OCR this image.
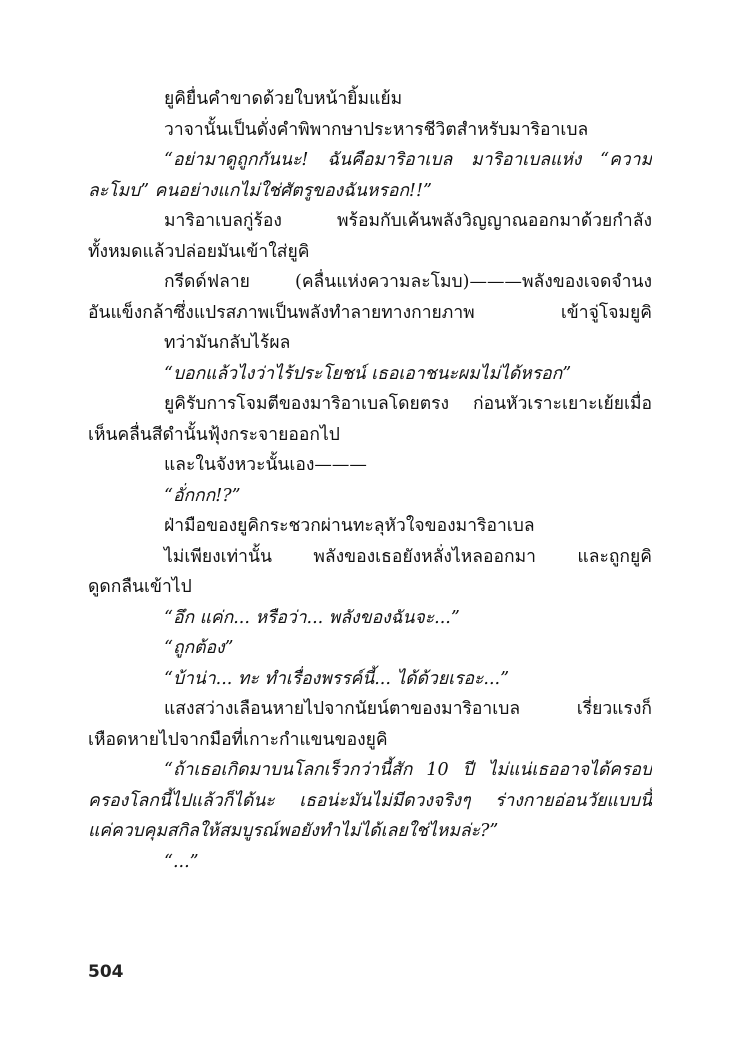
ยูคิยื่นคำขาดด้วยใบหน้ายิ้มแย้ม
วาจานั้นเป็นดั่งคำพิพากษาประหารชีวิตสำหรับมาริอาเบล
“อย่ามาดูถูกกันนะ! ฉันคือมาริอาเบล มาริอาเบลแห่ง “ความ
ละโมบ” คนอย่างแกไม่ใช่ศัตรูของฉันหรอก!!”
มาริอาเบลกู่ร้อง พร้อมกับเค้นพลังวิญญาณออกมาด้วยกำลัง
ทั้งหมดแล้วปล่อยมันเข้าใส่ยูคิ
กรีดด์ฟลาย (คลื่นแห่งความละโมบ)———พลังของเจดจำนง
อันแข็งกล้าซึ่งแปรสภาพเป็นพลังทำลายทางกายภาพ เข้าจู่โจมยูคิ
ทว่ามันกลับไร้ผล
“บอกแล้วไงว่าไร้ประโยชน์ เธอเอาชนะผมไม่ได้หรอก”
ยูคิรับการโจมตีของมาริอาเบลโดยตรง ก่อนหัวเราะเยาะเย้ยเมื่อ
เห็นคลื่นสีดำนั้นฟุ้งกระจายออกไป
และในจังหวะนั้นเอง———
“อั่กกก!?”
ฝ่ามือของยูคิกระชวกผ่านทะลุหัวใจของมาริอาเบล
ไม่เพียงเท่านั้น พลังของเธอยังหลั่งไหลออกมา และถูกยูคิ
ดูดกลืนเข้าไป
“อึก แค่ก... หรือว่า... พลังของฉันจะ...”
“ถูกต้อง”
“บ้าน่า... ทะ ทำเรื่องพรรค์นี้... ได้ด้วยเรอะ...”
แสงสว่างเลือนหายไปจากนัยน์ตาของมาริอาเบล เรี่ยวแรงก็
เหือดหายไปจากมือที่เกาะกำแขนของยูคิ
“ถ้าเธอเกิดมาบนโลกเร็วกว่านี้สัก 10 ปี ไม่แน่เธออาจได้ครอบ
ครองโลกนี้ไปแล้วก็ได้นะ เธอน่ะมันไม่มีดวงจริงๆ ร่างกายอ่อนวัยแบบนี้
แค่ควบคุมสกิลให้สมบูรณ์พอยังทำไม่ได้เลยใช่ไหมล่ะ?”
“...”
504
